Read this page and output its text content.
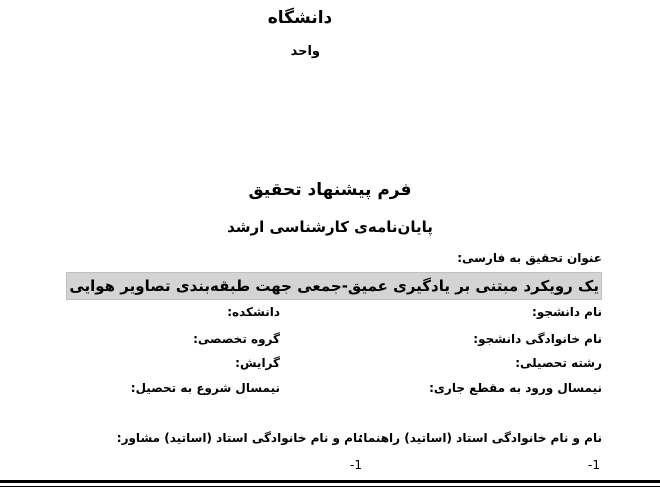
دانشگاه
واحد
فرم پیشنهاد تحقیق
پایان‌نامه‌ی کارشناسی ارشد
عنوان تحقیق به فارسی:
یک رویکرد مبتنی بر یادگیری عمیق-جمعی جهت طبقه‌بندی تصاویر هوایی
نام دانشجو:
دانشکده:
نام خانوادگی دانشجو:
گروه تخصصی:
رشته تحصیلی:
گرایش:
نیمسال ورود به مقطع جاری:
نیمسال شروع به تحصیل:
نام و نام خانوادگی استاد (اساتید) راهنما:
نام و نام خانوادگی استاد (اساتید) مشاور:
-1
-1
